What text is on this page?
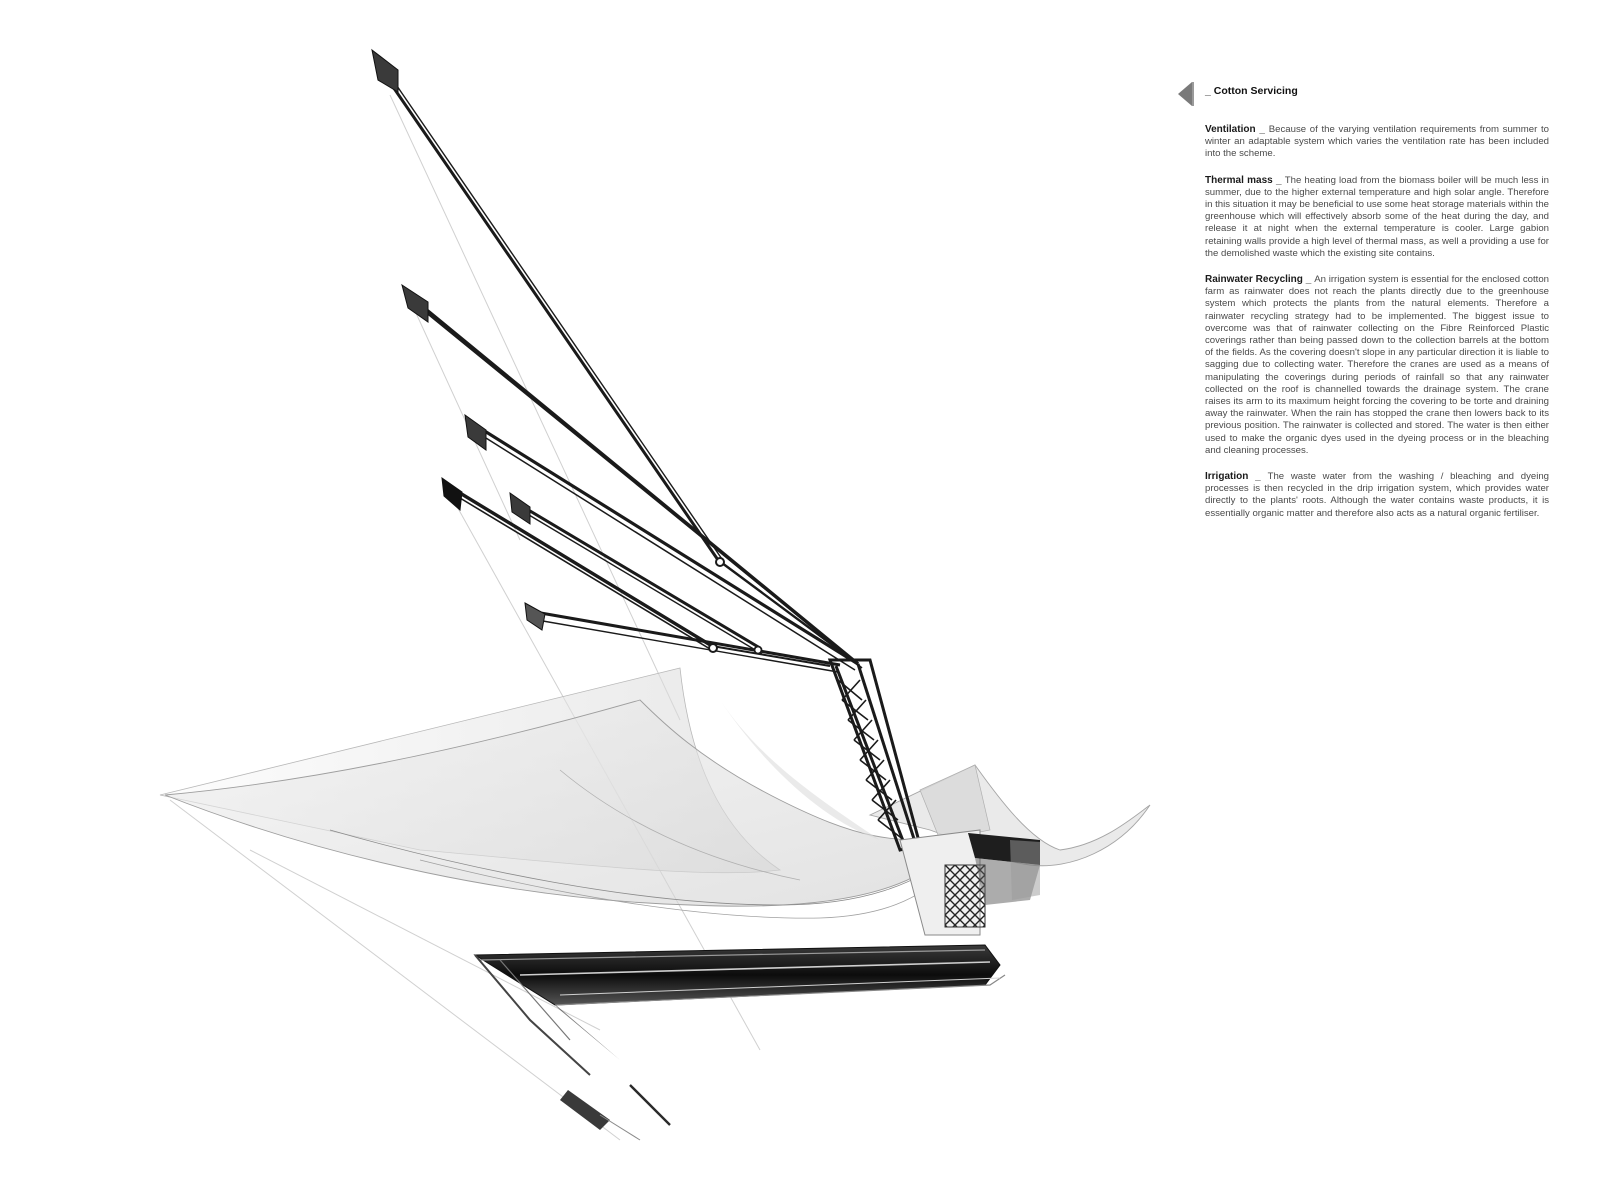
_ Cotton Servicing
Ventilation _ Because of the varying ventilation requirements from summer to winter an adaptable system which varies the ventilation rate has been included into the scheme.
Thermal mass _ The heating load from the biomass boiler will be much less in summer, due to the higher external temperature and high solar angle. Therefore in this situation it may be beneficial to use some heat storage materials within the greenhouse which will effectively absorb some of the heat during the day, and release it at night when the external temperature is cooler. Large gabion retaining walls provide a high level of thermal mass, as well a providing a use for the demolished waste which the existing site contains.
Rainwater Recycling _ An irrigation system is essential for the enclosed cotton farm as rainwater does not reach the plants directly due to the greenhouse system which protects the plants from the natural elements. Therefore a rainwater recycling strategy had to be implemented. The biggest issue to overcome was that of rainwater collecting on the Fibre Reinforced Plastic coverings rather than being passed down to the collection barrels at the bottom of the fields. As the covering doesn't slope in any particular direction it is liable to sagging due to collecting water. Therefore the cranes are used as a means of manipulating the coverings during periods of rainfall so that any rainwater collected on the roof is channelled towards the drainage system. The crane raises its arm to its maximum height forcing the covering to be torte and draining away the rainwater. When the rain has stopped the crane then lowers back to its previous position. The rainwater is collected and stored. The water is then either used to make the organic dyes used in the dyeing process or in the bleaching and cleaning processes.
Irrigation _ The waste water from the washing / bleaching and dyeing processes is then recycled in the drip irrigation system, which provides water directly to the plants' roots. Although the water contains waste products, it is essentially organic matter and therefore also acts as a natural organic fertiliser.
